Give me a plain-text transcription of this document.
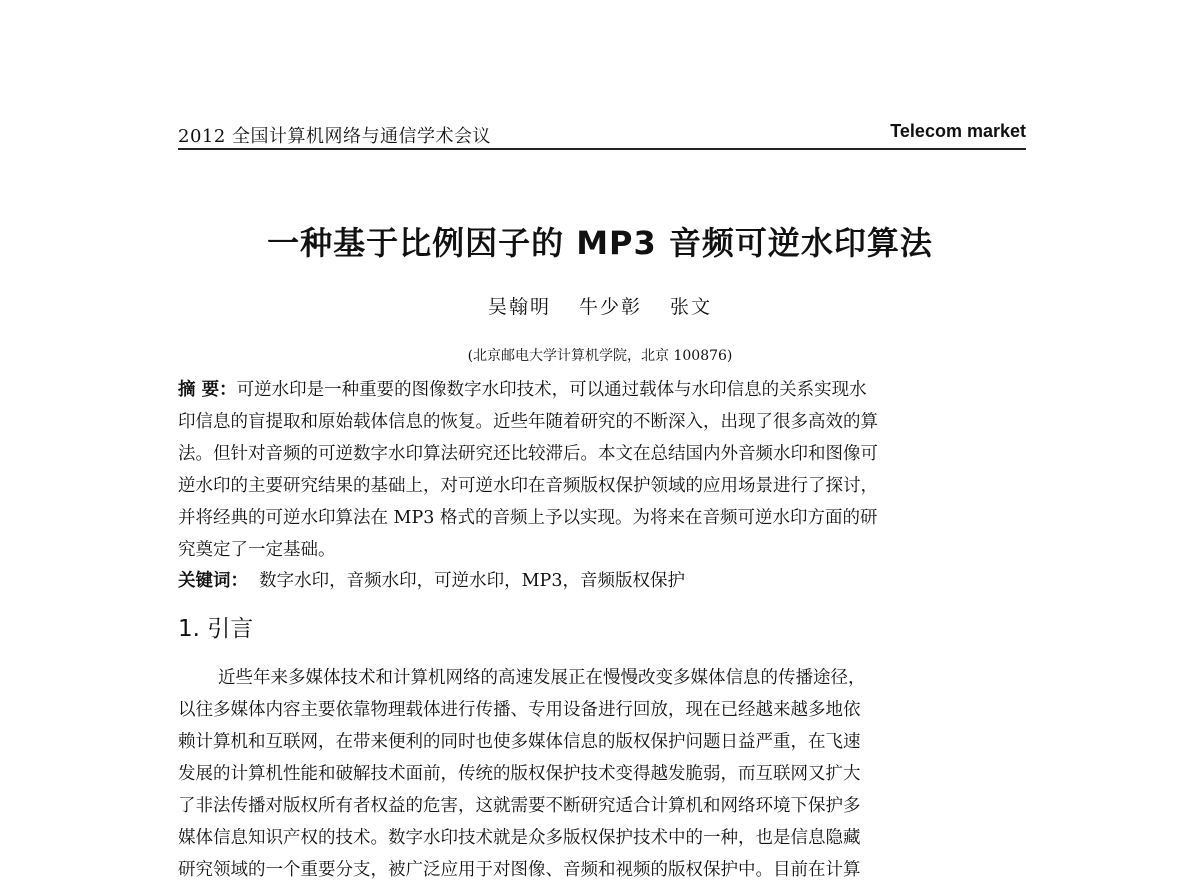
2012 全国计算机网络与通信学术会议	Telecom market
一种基于比例因子的 MP3 音频可逆水印算法
吴翰明 牛少彰 张文
(北京邮电大学计算机学院，北京 100876)
摘 要：可逆水印是一种重要的图像数字水印技术，可以通过载体与水印信息的关系实现水
印信息的盲提取和原始载体信息的恢复。近些年随着研究的不断深入，出现了很多高效的算
法。但针对音频的可逆数字水印算法研究还比较滞后。本文在总结国内外音频水印和图像可
逆水印的主要研究结果的基础上，对可逆水印在音频版权保护领域的应用场景进行了探讨，
并将经典的可逆水印算法在 MP3 格式的音频上予以实现。为将来在音频可逆水印方面的研
究奠定了一定基础。
关键词： 数字水印，音频水印，可逆水印，MP3，音频版权保护
1. 引言
近些年来多媒体技术和计算机网络的高速发展正在慢慢改变多媒体信息的传播途径，
以往多媒体内容主要依靠物理载体进行传播、专用设备进行回放，现在已经越来越多地依
赖计算机和互联网，在带来便利的同时也使多媒体信息的版权保护问题日益严重，在飞速
发展的计算机性能和破解技术面前，传统的版权保护技术变得越发脆弱，而互联网又扩大
了非法传播对版权所有者权益的危害，这就需要不断研究适合计算机和网络环境下保护多
媒体信息知识产权的技术。数字水印技术就是众多版权保护技术中的一种，也是信息隐藏
研究领域的一个重要分支，被广泛应用于对图像、音频和视频的版权保护中。目前在计算
